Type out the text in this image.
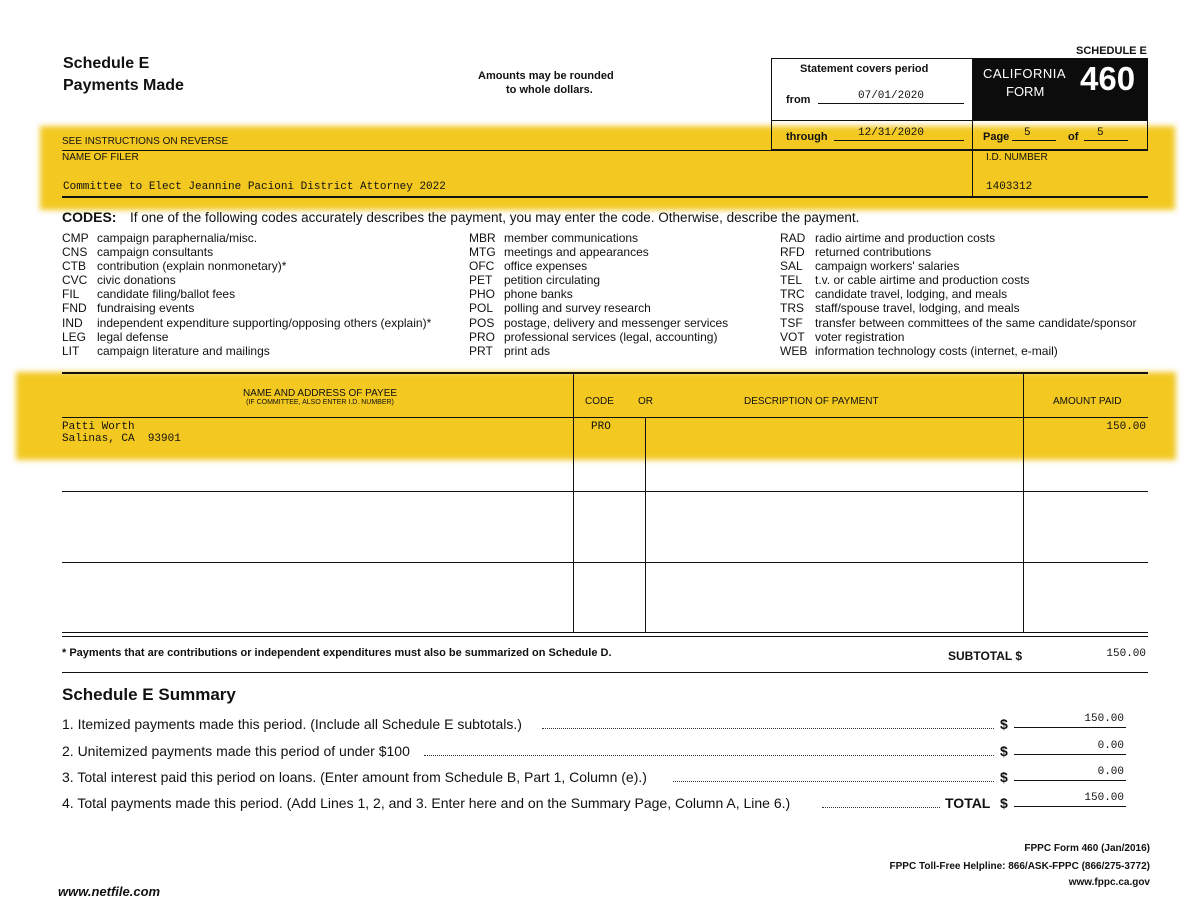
Schedule E
Payments Made
Amounts may be rounded
to whole dollars.
SCHEDULE E
Statement covers period
from	07/01/2020
through	12/31/2020
CALIFORNIA
FORM 460
Page 5	of 5
SEE INSTRUCTIONS ON REVERSE
NAME OF FILER
Committee to Elect Jeannine Pacioni District Attorney 2022
I.D. NUMBER
1403312
CODES: If one of the following codes accurately describes the payment, you may enter the code. Otherwise, describe the payment.
CMP campaign paraphernalia/misc.
CNS campaign consultants
CTB contribution (explain nonmonetary)*
CVC civic donations
FIL	candidate filing/ballot fees
FND fundraising events
IND	independent expenditure supporting/opposing others (explain)*
LEG legal defense
LIT	campaign literature and mailings
MBR member communications
MTG meetings and appearances
OFC office expenses
PET petition circulating
PHO phone banks
POL polling and survey research
POS postage, delivery and messenger services
PRO professional services (legal, accounting)
PRT print ads
RAD radio airtime and production costs
RFD returned contributions
SAL	campaign workers' salaries
TEL	t.v. or cable airtime and production costs
TRC candidate travel, lodging, and meals
TRS staff/spouse travel, lodging, and meals
TSF	transfer between committees of the same candidate/sponsor
VOT voter registration
WEB information technology costs (internet, e-mail)
NAME AND ADDRESS OF PAYEE
(IF COMMITTEE, ALSO ENTER I.D. NUMBER)	CODE OR	DESCRIPTION OF PAYMENT	AMOUNT PAID
Patti Worth
Salinas, CA  93901
PRO	150.00
* Payments that are contributions or independent expenditures must also be summarized on Schedule D.	SUBTOTAL $	150.00
Schedule E Summary
1. Itemized payments made this period. (Include all Schedule E subtotals.)	$	150.00
2. Unitemized payments made this period of under $100	$	0.00
3. Total interest paid this period on loans. (Enter amount from Schedule B, Part 1, Column (e).)	$	0.00
4. Total payments made this period. (Add Lines 1, 2, and 3. Enter here and on the Summary Page, Column A, Line 6.)	TOTAL $	150.00
FPPC Form 460 (Jan/2016)
FPPC Toll-Free Helpline: 866/ASK-FPPC (866/275-3772)
www.fppc.ca.gov
www.netfile.com
